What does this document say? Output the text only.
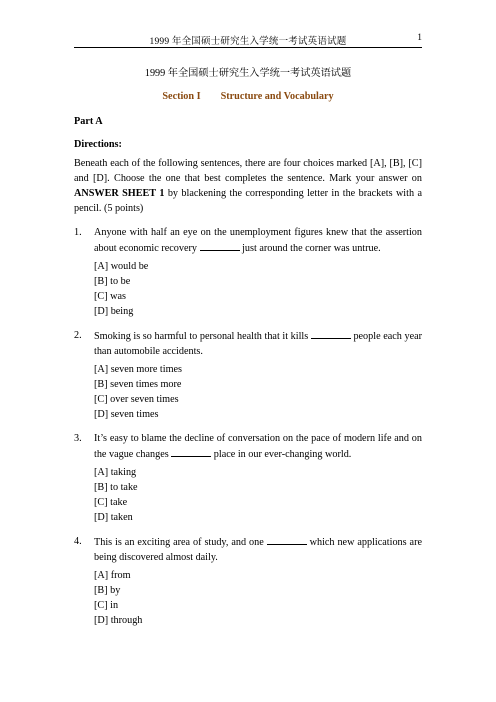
1999 年全国硕士研究生入学统一考试英语试题	1
1999 年全国硕士研究生入学统一考试英语试题
Section I Structure and Vocabulary
Part A
Directions:
Beneath each of the following sentences, there are four choices marked [A], [B], [C] and [D]. Choose the one that best completes the sentence. Mark your answer on ANSWER SHEET 1 by blackening the corresponding letter in the brackets with a pencil. (5 points)
1. Anyone with half an eye on the unemployment figures knew that the assertion about economic recovery	just around the corner was untrue.
[A] would be
[B] to be
[C] was
[D] being
2. Smoking is so harmful to personal health that it kills	people each year than automobile accidents.
[A] seven more times
[B] seven times more
[C] over seven times
[D] seven times
3. It’s easy to blame the decline of conversation on the pace of modern life and on the vague changes	place in our ever-changing world.
[A] taking
[B] to take
[C] take
[D] taken
4. This is an exciting area of study, and one	which new applications are being discovered almost daily.
[A] from
[B] by
[C] in
[D] through
